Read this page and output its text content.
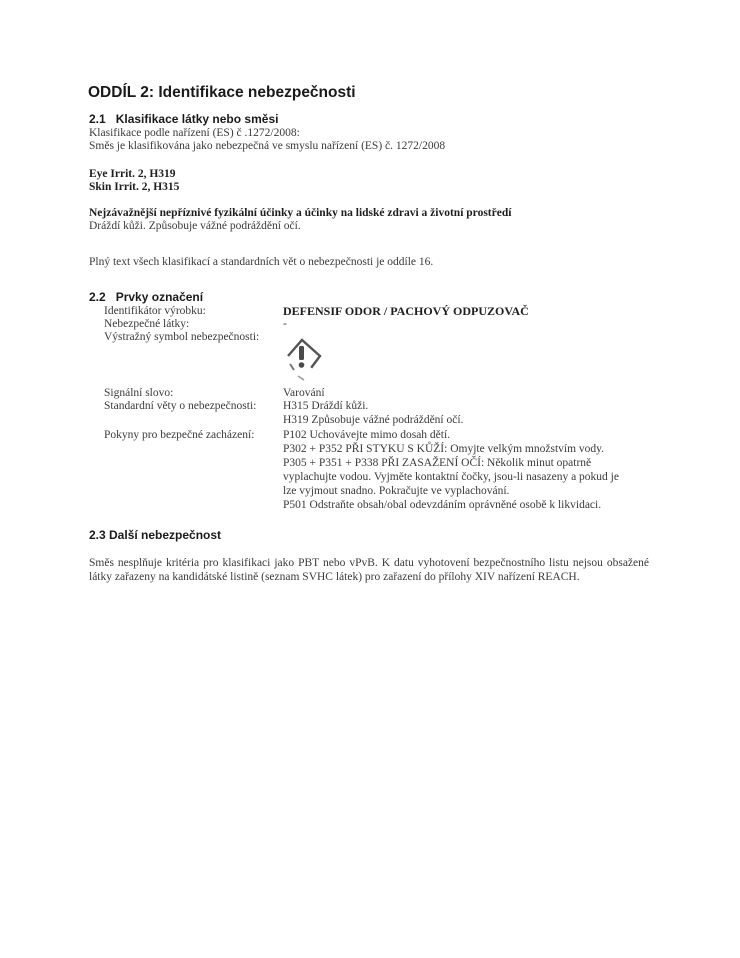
ODDÍL 2: Identifikace nebezpečnosti
2.1 Klasifikace látky nebo směsi
Klasifikace podle nařízení (ES) č .1272/2008:
Směs je klasifikována jako nebezpečná ve smyslu nařízení (ES) č. 1272/2008
Eye Irrit. 2, H319
Skin Irrit. 2, H315
Nejzávažnější nepříznivé fyzikální účinky a účinky na lidské zdravi a životní prostředí
Dráždí kůži. Způsobuje vážné podráždění očí.
Plný text všech klasifikací a standardních vět o nebezpečnosti je oddíle 16.
2.2 Prvky označení
Identifikátor výrobku:	DEFENSIF ODOR / PACHOVÝ ODPUZOVAČ
Nebezpečné látky:	-
Výstražný symbol nebezpečnosti:
Signální slovo:	Varování
Standardní věty o nebezpečnosti: H315 Dráždí kůži.
H319 Způsobuje vážné podráždění očí.
Pokyny pro bezpečné zacházení: P102 Uchovávejte mimo dosah dětí.
P302 + P352 PŘI STYKU S KŮŽÍ: Omyjte velkým množstvím vody.
P305 + P351 + P338 PŘI ZASAŽENÍ OČÍ: Několik minut opatrně
vyplachujte vodou. Vyjměte kontaktní čočky, jsou-li nasazeny a pokud je
lze vyjmout snadno. Pokračujte ve vyplachování.
P501 Odstraňte obsah/obal odevzdáním oprávněné osobě k likvidaci.
2.3 Další nebezpečnost
Směs nesplňuje kritéria pro klasifikaci jako PBT nebo vPvB. K datu vyhotovení bezpečnostního listu nejsou obsažené látky zařazeny na kandidátské listině (seznam SVHC látek) pro zařazení do přílohy XIV nařízení REACH.
